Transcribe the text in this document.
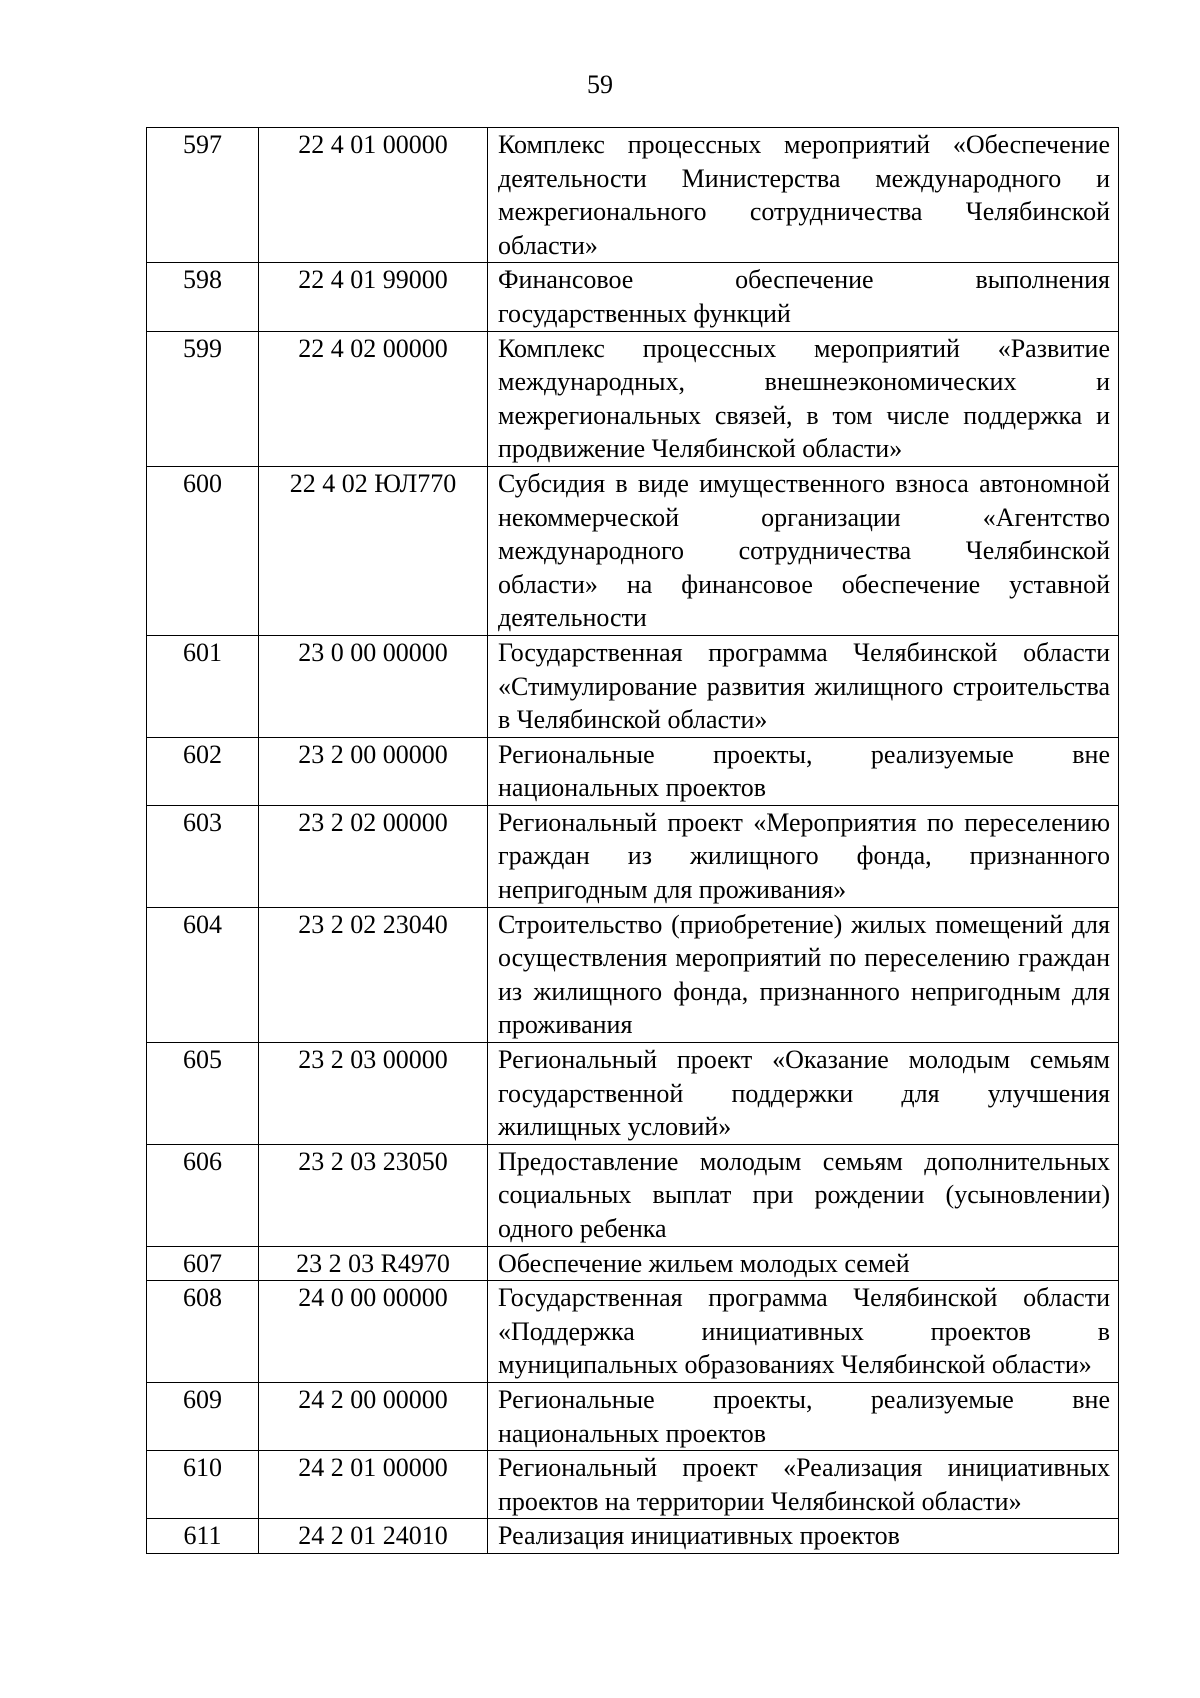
59
597	22 4 01 00000	Комплекс процессных мероприятий «Обеспечение деятельности Министерства международного и межрегионального сотрудничества Челябинской области»
598	22 4 01 99000	Финансовое обеспечение выполнения государственных функций
599	22 4 02 00000	Комплекс процессных мероприятий «Развитие международных, внешнеэкономических и межрегиональных связей, в том числе поддержка и продвижение Челябинской области»
600	22 4 02 ЮЛ770	Субсидия в виде имущественного взноса автономной некоммерческой организации «Агентство международного сотрудничества Челябинской области» на финансовое обеспечение уставной деятельности
601	23 0 00 00000	Государственная программа Челябинской области «Стимулирование развития жилищного строительства в Челябинской области»
602	23 2 00 00000	Региональные проекты, реализуемые вне национальных проектов
603	23 2 02 00000	Региональный проект «Мероприятия по переселению граждан из жилищного фонда, признанного непригодным для проживания»
604	23 2 02 23040	Строительство (приобретение) жилых помещений для осуществления мероприятий по переселению граждан из жилищного фонда, признанного непригодным для проживания
605	23 2 03 00000	Региональный проект «Оказание молодым семьям государственной поддержки для улучшения жилищных условий»
606	23 2 03 23050	Предоставление молодым семьям дополнительных социальных выплат при рождении (усыновлении) одного ребенка
607	23 2 03 R4970	Обеспечение жильем молодых семей
608	24 0 00 00000	Государственная программа Челябинской области «Поддержка инициативных проектов в муниципальных образованиях Челябинской области»
609	24 2 00 00000	Региональные проекты, реализуемые вне национальных проектов
610	24 2 01 00000	Региональный проект «Реализация инициативных проектов на территории Челябинской области»
611	24 2 01 24010	Реализация инициативных проектов
